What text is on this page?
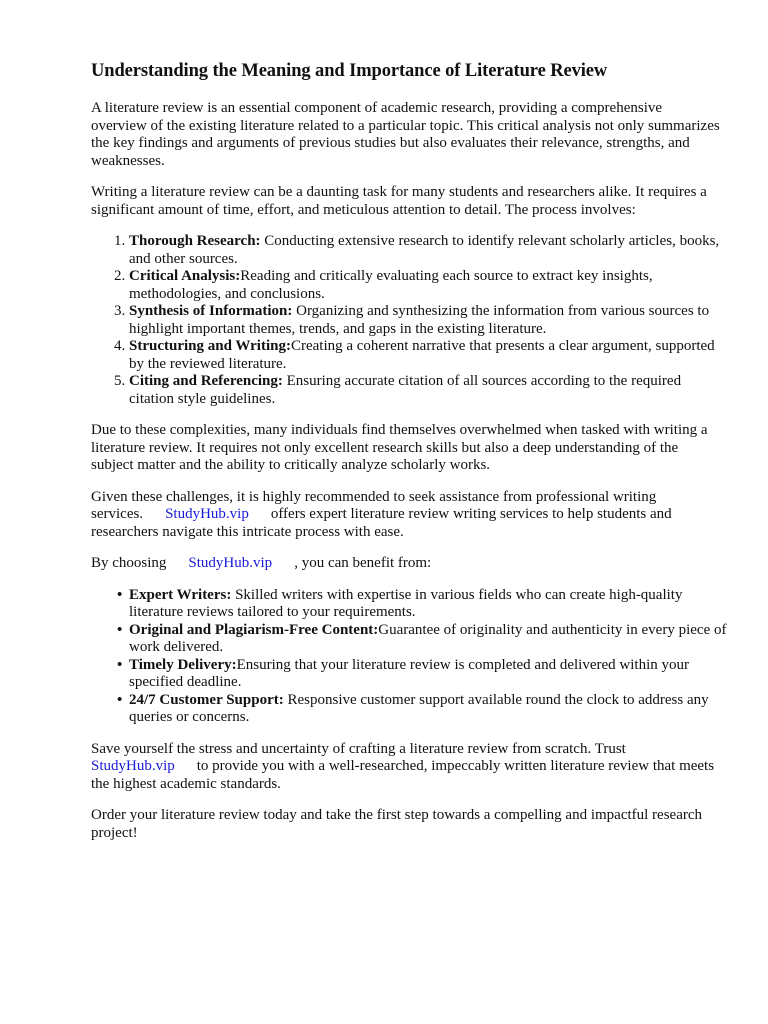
Understanding the Meaning and Importance of Literature Review

A literature review is an essential component of academic research, providing a comprehensive overview of the existing literature related to a particular topic. This critical analysis not only summarizes the key findings and arguments of previous studies but also evaluates their relevance, strengths, and weaknesses.

Writing a literature review can be a daunting task for many students and researchers alike. It requires a significant amount of time, effort, and meticulous attention to detail. The process involves:

1. Thorough Research: Conducting extensive research to identify relevant scholarly articles, books, and other sources.
2. Critical Analysis:Reading and critically evaluating each source to extract key insights, methodologies, and conclusions.
3. Synthesis of Information: Organizing and synthesizing the information from various sources to highlight important themes, trends, and gaps in the existing literature.
4. Structuring and Writing:Creating a coherent narrative that presents a clear argument, supported by the reviewed literature.
5. Citing and Referencing: Ensuring accurate citation of all sources according to the required citation style guidelines.

Due to these complexities, many individuals find themselves overwhelmed when tasked with writing a literature review. It requires not only excellent research skills but also a deep understanding of the subject matter and the ability to critically analyze scholarly works.

Given these challenges, it is highly recommended to seek assistance from professional writing services. StudyHub.vip offers expert literature review writing services to help students and researchers navigate this intricate process with ease.

By choosing StudyHub.vip , you can benefit from:

• Expert Writers: Skilled writers with expertise in various fields who can create high-quality literature reviews tailored to your requirements.
• Original and Plagiarism-Free Content:Guarantee of originality and authenticity in every piece of work delivered.
• Timely Delivery:Ensuring that your literature review is completed and delivered within your specified deadline.
• 24/7 Customer Support: Responsive customer support available round the clock to address any queries or concerns.

Save yourself the stress and uncertainty of crafting a literature review from scratch. Trust StudyHub.vip to provide you with a well-researched, impeccably written literature review that meets the highest academic standards.

Order your literature review today and take the first step towards a compelling and impactful research project!
